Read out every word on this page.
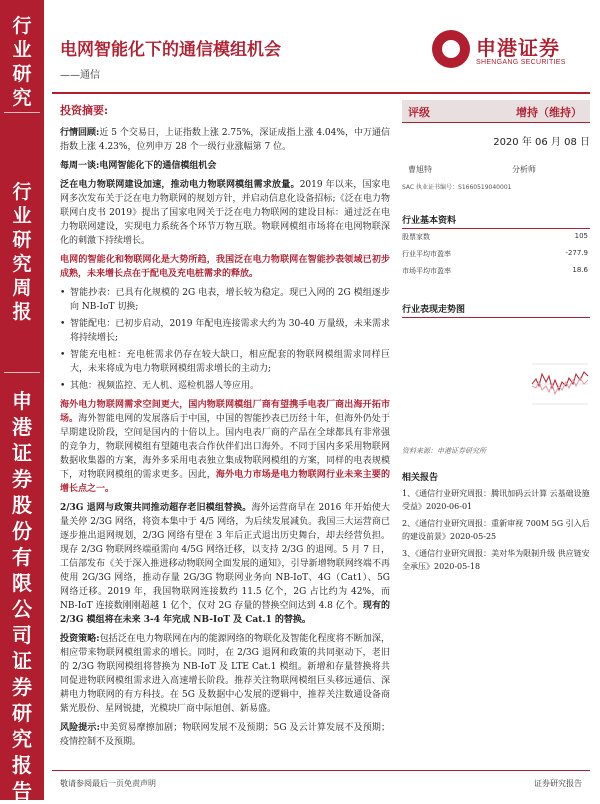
行
业
研
究
行
业
研
究
周
报
申
港
证
券
股
份
有
限
公
司
证
券
研
究
报
告
电网智能化下的通信模组机会
——通信
申港证券
SHENGANG SECURITIES

投资摘要:

行情回顾:近 5 个交易日，上证指数上涨 2.75%，深证成指上涨 4.04%，中万通信指数上涨 4.23%，位列申万 28 个一级行业涨幅第 7 位。

每周一谈:电网智能化下的通信模组机会

泛在电力物联网建设加速，推动电力物联网模组需求放量。2019 年以来，国家电网多次发布关于泛在电力物联网的规划方针，并启动信息化设备招标;《泛在电力物联网白皮书 2019》提出了国家电网关于泛在电力物联网的建设目标：通过泛在电力物联网建设，实现电力系统各个环节万物互联。物联网模组市场将在电网物联深化的刺激下持续增长。

电网的智能化和物联网化是大势所趋，我国泛在电力物联网在智能抄表领域已初步成熟，未来增长点在于配电及充电桩需求的释放。

• 智能抄表：已具有化规模的 2G 电表，增长较为稳定。现已入网的 2G 模组逐步向 NB-IoT 切换;
• 智能配电：已初步启动，2019 年配电连接需求大约为 30-40 万量级，未来需求将持续增长;
• 智能充电桩：充电桩需求仍存在较大缺口，相应配套的物联网模组需求同样巨大，未来将成为电力物联网模组需求增长的主动力;
• 其他：视频监控、无人机、巡检机器人等应用。

海外电力物联网需求空间更大，国内物联网模组厂商有望携手电表厂商出海开拓市场。海外智能电网的发展落后于中国，中国的智能抄表已历经十年，但海外仍处于早期建设阶段，空间是国内的十倍以上。国内电表厂商的产品在全球都具有非常强的竞争力，物联网模组有望随电表合作伙伴们出口海外。不同于国内多采用物联网数据收集器的方案，海外多采用电表独立集成物联网模组的方案，同样的电表规模下，对物联网模组的需求更多。因此，海外电力市场是电力物联网行业未来主要的增长点之一。

2/3G 退网与政策共同推动超存老旧模组替换。海外运营商早在 2016 年开始使大量关停 2/3G 网络，将资本集中于 4/5 网络，为后续发展减负。我国三大运营商已逐步推出退网规划，2/3G 网络有望在 3 年后正式退出历史舞台，却去经营负担。现存 2/3G 物联网终端亟需向 4/5G 网络迁移，以支持 2/3G 的退网。5 月 7 日，工信部发布《关于深入推进移动物联网全面发展的通知》，引导新增物联网终端不再使用 2G/3G 网络，推动存量 2G/3G 物联网业务向 NB-IoT、4G（Cat1）、5G 网络迁移。2019 年，我国物联网连接数约 11.5 亿个，2G 占比约为 42%，而 NB-IoT 连接数刚刚超越 1 亿个，仅对 2G 存量的替换空间达到 4.8 亿个。现有的 2/3G 模组将在未来 3-4 年完成 NB-IoT 及 Cat.1 的替换。

投资策略:包括泛在电力物联网在内的能源网络的物联化及智能化程度将不断加深，相应带来物联网模组需求的增长。同时，在 2/3G 退网和政策的共同驱动下，老旧的 2/3G 物联网模组将替换为 NB-IoT 及 LTE Cat.1 模组。新增和存量替换将共同促进物联网模组需求进入高速增长阶段。推荐关注物联网模组巨头移远通信、深耕电力物联网的有方科技。在 5G 及数据中心发展的逻辑中，推荐关注数通设备商紫光股份、星网锐捷，光模块厂商中际旭创、新易盛。

风险提示:中美贸易摩擦加剧；物联网发展不及预期；5G 及云计算发展不及预期；疫情控制不及预期。

评级	增持（维持）
2020 年 06 月 08 日
曹旭特	分析师
SAC 执业证书编号：S1660519040001
行业基本资料
股票家数	105
行业平均市盈率	-277.9
市场平均市盈率	18.6
行业表现走势图
资料来源：申港证券研究所
相关报告
1、《通信行业研究周报：腾讯加码云计算 云基础设施受益》2020-06-01
2、《通信行业研究周报：重新审视 700M 5G 引入后的建设前景》2020-05-25
3、《通信行业研究周报：美对华为限制升级 供应链安全承压》2020-05-18
敬请参阅最后一页免责声明	证券研究报告
